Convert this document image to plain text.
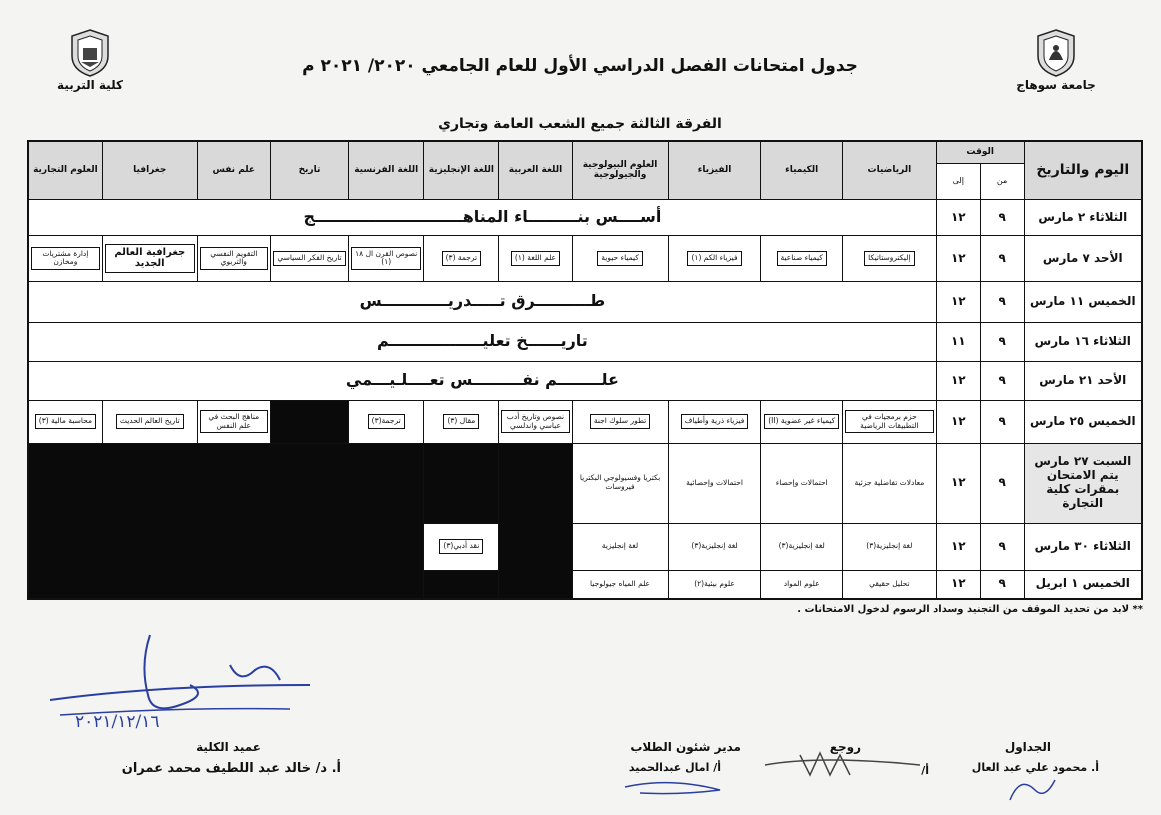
جامعة سوهاج
كلية التربية
جدول امتحانات الفصل الدراسي الأول للعام الجامعي ٢٠٢٠/ ٢٠٢١ م
الفرقة الثالثة جميع الشعب العامة وتجاري
اليوم والتاريخ	الوقت		الرياضيات	الكيمياء	الفيزياء	العلوم البيولوجية والجيولوجية	اللغة العربية	اللغة الإنجليزية	اللغة الفرنسية	تاريخ	علم نفس	جغرافيا	العلوم التجارية
	من	إلى											
الثلاثاء ٢ مارس	٩	١٢	أســــس بنـــــــــاء المناهـــــــــــــــــــــــــــج										
الأحد ٧ مارس	٩	١٢	إليكتروستاتيكا	كيمياء صناعية	فيزياء الكم (١)	كيمياء حيوية	علم اللغة (١)	ترجمة (٣)	نصوص القرن ال ١٨ (١)	تاريخ الفكر السياسي	التقويم النفسي والتربوي	جغرافية العالم الجديد	إدارة مشتريات ومخازن
الخميس ١١ مارس	٩	١٢	طــــــــــرق تـــــدريــــــــــــس										
الثلاثاء ١٦ مارس	٩	١١	تاريــــــخ تعليـــــــــــــــــم										
الأحد ٢١ مارس	٩	١٢	علــــــــم نفـــــــــس تعــــلـيـــمي										
الخميس ٢٥ مارس	٩	١٢	حزم برمجيات في التطبيقات الرياضية	كيمياء غير عضوية (II)	فيزياء ذرية وأطياف	تطور سلوك اجنة	نصوص وتاريخ أدب عباسي واندلسي	مقال (٣)	ترجمة(٣)		مناهج البحث في علم النفس	تاريخ العالم الحديث	محاسبة مالية (٣)
السبت ٢٧ مارس يتم الامتحان بمقرات كلية التجارة	٩	١٢	معادلات تفاضلية جزئية	احتمالات وإحصاء	احتمالات وإحصائية	بكتريا وفسيولوجي البكتريا فيروسات							
الثلاثاء ٣٠ مارس	٩	١٢	لغة إنجليزية(٣)	لغة إنجليزية(٣)	لغة إنجليزية(٣)	لغة إنجليزية		نقد أدبي(٣)					
الخميس ١ ابريل	٩	١٢	تحليل حقيقي	علوم المواد	علوم بيئية(٢)	علم المياه جيولوجيا							
** لابد من تحديد الموقف من التجنيد وسداد الرسوم لدخول الامتحانات .
الجداول
أ. محمود علي عبد العال
روجع
أ/
مدير شئون الطلاب
أ/ امال عبدالحميد
عميد الكلية
أ. د/ خالد عبد اللطيف محمد عمران
٢٠٢١/١٢/١٦
